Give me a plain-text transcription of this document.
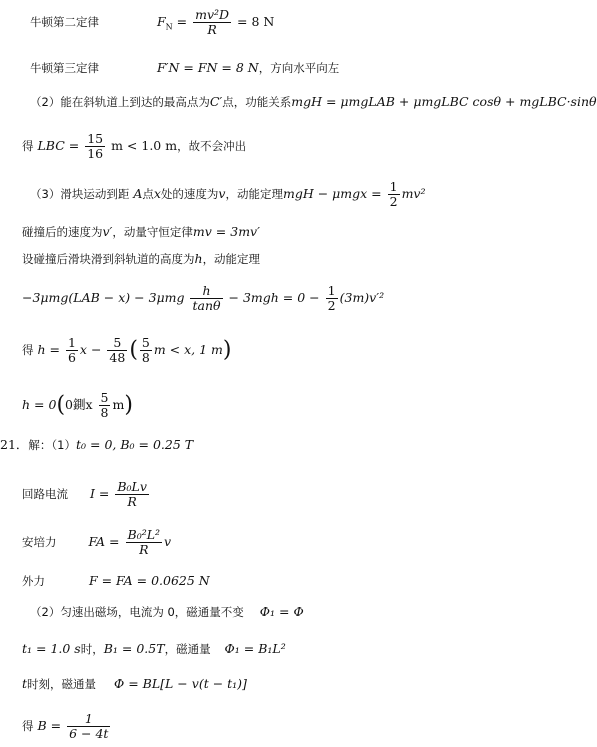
牛顿第二定律	$F_N = \frac{\text{mv²D}}{R} = 8$ N
牛顿第三定律	F′N = FN = 8 N，方向水平向左
（2）能在斜轨道上到达的最高点为C′点，功能关系mgH = μmgLAB + μmgLBC cosθ + mgLBC·sinθ
得 LBC = $\frac{15}{16}$ m < 1.0 m，故不会冲出
（3）滑块运动到距 A点x处的速度为v，动能定理mgH − $\mu mgx = \frac{1}{2} mv^2$
碰撞后的速度为v′，动量守恒定律mv = 3mv′
设碰撞后滑块滑到斜轨道的高度为h，动能定理
$-3\mu mg(LAB - x) - 3\mu mg \frac{h}{\tan\theta} - 3mgh = 0 - \frac{1}{2} (3m)v'^2$
得 $h = \frac{1}{6}$ $x - \frac{5}{48}$ ( $\frac{5}{8}$ m < x, 1 m)
h = 0(0鍘x $\frac{5}{8} m$)
21．解：（1）t₀ = 0, B₀ = 0.25 T
回路电流 $I = \frac{\text{B₀Lv}}{R}$
安培力	FA = $\frac{\text{B₀²L²}}{R}$ v
外力	F = FA = 0.0625 N
（2）匀速出磁场，电流为 0，磁通量不变 Φ₁ = Φ
t₁ = 1.0 s时，B₁ = 0.5T，磁通量 Φ₁ = B₁L²
t时刻，磁通量 Φ = BL[L − v(t − t₁)]
得 $B = \frac{1}{6 - 4t}$
